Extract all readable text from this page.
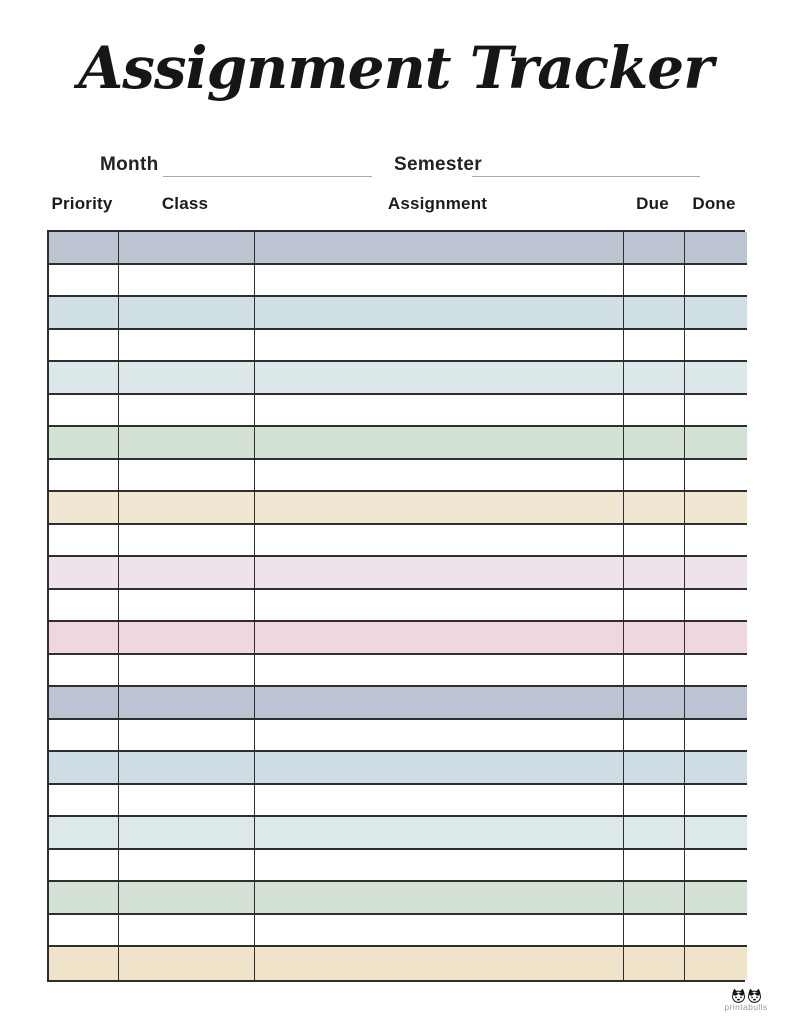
Assignment Tracker
Month	Semester
Priority	Class	Assignment	Due	Done
printabulls
